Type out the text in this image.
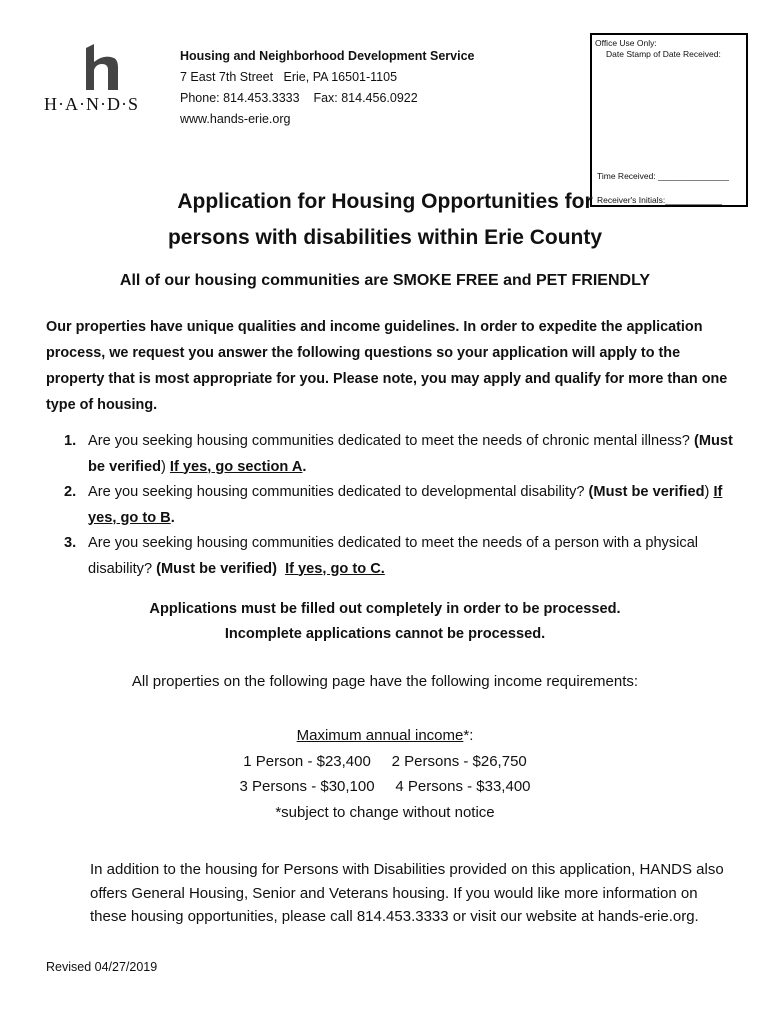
H·A·N·D·S
Housing and Neighborhood Development Service
7 East 7th Street   Erie, PA 16501-1105
Phone: 814.453.3333    Fax: 814.456.0922
www.hands-erie.org
Office Use Only:
Date Stamp of Date Received:
Time Received: _______________
Receiver's Initials:____________
Application for Housing Opportunities for
persons with disabilities within Erie County
All of our housing communities are SMOKE FREE and PET FRIENDLY
Our properties have unique qualities and income guidelines. In order to expedite the application process, we request you answer the following questions so your application will apply to the property that is most appropriate for you. Please note, you may apply and qualify for more than one type of housing.
1. Are you seeking housing communities dedicated to meet the needs of chronic mental illness? (Must be verified) If yes, go section A.
2. Are you seeking housing communities dedicated to developmental disability? (Must be verified) If yes, go to B.
3. Are you seeking housing communities dedicated to meet the needs of a person with a physical disability? (Must be verified) If yes, go to C.
Applications must be filled out completely in order to be processed.
Incomplete applications cannot be processed.
All properties on the following page have the following income requirements:
Maximum annual income*:
1 Person - $23,400     2 Persons - $26,750
3 Persons - $30,100     4 Persons - $33,400
*subject to change without notice
In addition to the housing for Persons with Disabilities provided on this application, HANDS also offers General Housing, Senior and Veterans housing. If you would like more information on these housing opportunities, please call 814.453.3333 or visit our website at hands-erie.org.
Revised 04/27/2019
